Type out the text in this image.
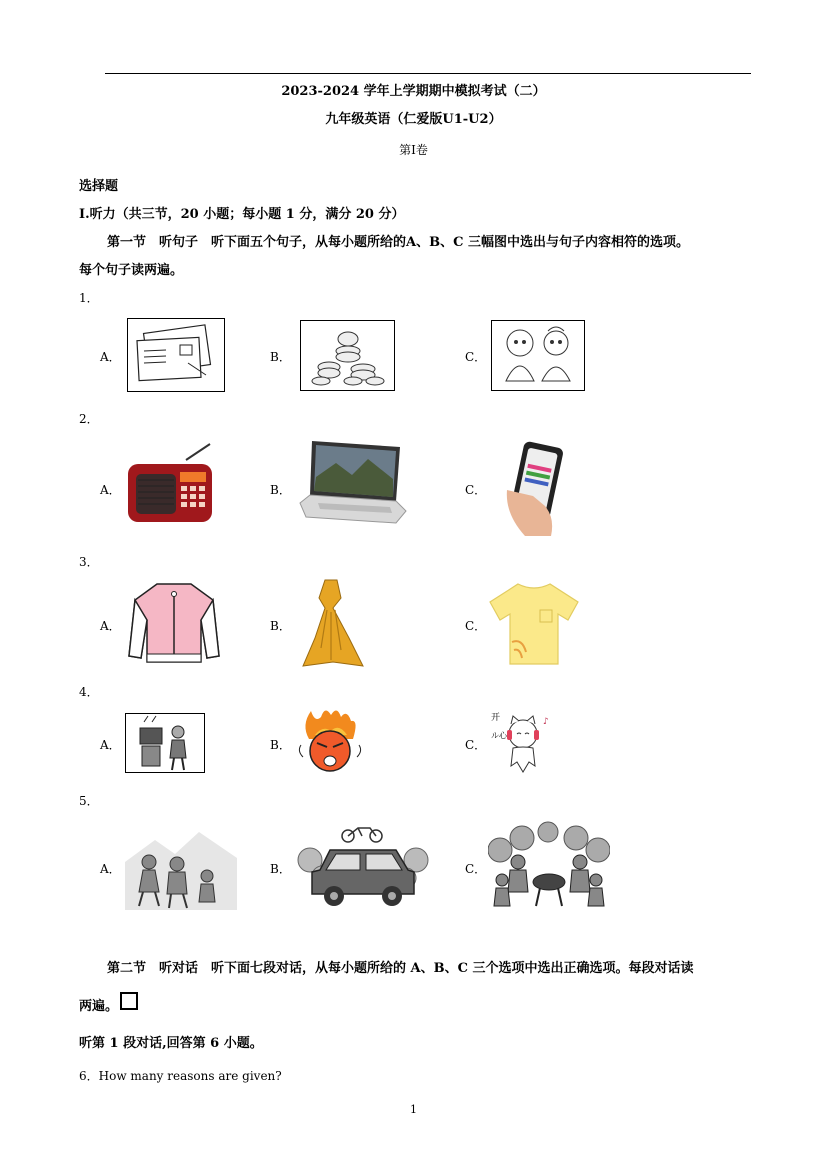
2023-2024 学年上学期期中模拟考试（二）
九年级英语（仁爱版U1-U2）
第I卷
选择题
Ⅰ.听力（共三节，20 小题；每小题 1 分，满分 20 分）
第一节　听句子　听下面五个句子，从每小题所给的A、B、C 三幅图中选出与句子内容相符的选项。
每个句子读两遍。
1．
A．	B．	C．
2．
A．	B．	C．
3．
A．	B．	C．
4．
A．	B．	C．
开
ル心
♪
5．
A．	B．	C．
第二节　听对话　听下面七段对话，从每小题所给的 A、B、C 三个选项中选出正确选项。每段对话读
两遍。
听第 1 段对话,回答第 6 小题。
6．How many reasons are given?
1
